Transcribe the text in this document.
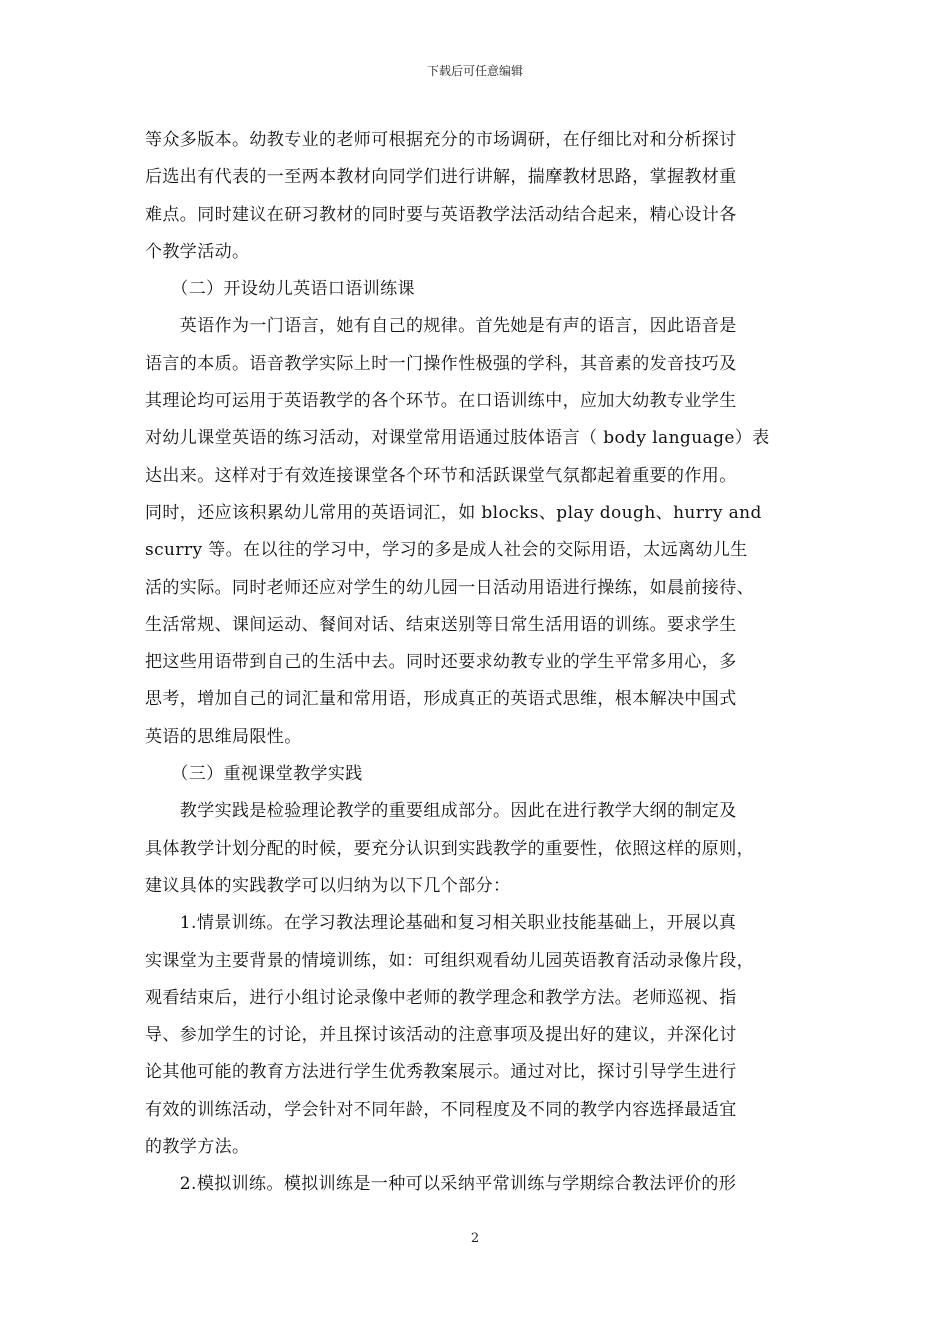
下载后可任意编辑
等众多版本。幼教专业的老师可根据充分的市场调研，在仔细比对和分析探讨
后选出有代表的一至两本教材向同学们进行讲解，揣摩教材思路，掌握教材重
难点。同时建议在研习教材的同时要与英语教学法活动结合起来，精心设计各
个教学活动。
　　（二）开设幼儿英语口语训练课
　　英语作为一门语言，她有自己的规律。首先她是有声的语言，因此语音是
语言的本质。语音教学实际上时一门操作性极强的学科，其音素的发音技巧及
其理论均可运用于英语教学的各个环节。在口语训练中，应加大幼教专业学生
对幼儿课堂英语的练习活动，对课堂常用语通过肢体语言（ body language）表
达出来。这样对于有效连接课堂各个环节和活跃课堂气氛都起着重要的作用。
同时，还应该积累幼儿常用的英语词汇，如 blocks、play dough、hurry and
scurry 等。在以往的学习中，学习的多是成人社会的交际用语，太远离幼儿生
活的实际。同时老师还应对学生的幼儿园一日活动用语进行操练，如晨前接待、
生活常规、课间运动、餐间对话、结束送别等日常生活用语的训练。要求学生
把这些用语带到自己的生活中去。同时还要求幼教专业的学生平常多用心，多
思考，增加自己的词汇量和常用语，形成真正的英语式思维，根本解决中国式
英语的思维局限性。
　　（三）重视课堂教学实践
　　教学实践是检验理论教学的重要组成部分。因此在进行教学大纲的制定及
具体教学计划分配的时候，要充分认识到实践教学的重要性，依照这样的原则，
建议具体的实践教学可以归纳为以下几个部分：
　　1.情景训练。在学习教法理论基础和复习相关职业技能基础上，开展以真
实课堂为主要背景的情境训练，如：可组织观看幼儿园英语教育活动录像片段，
观看结束后，进行小组讨论录像中老师的教学理念和教学方法。老师巡视、指
导、参加学生的讨论，并且探讨该活动的注意事项及提出好的建议，并深化讨
论其他可能的教育方法进行学生优秀教案展示。通过对比，探讨引导学生进行
有效的训练活动，学会针对不同年龄，不同程度及不同的教学内容选择最适宜
的教学方法。
　　2.模拟训练。模拟训练是一种可以采纳平常训练与学期综合教法评价的形
2
